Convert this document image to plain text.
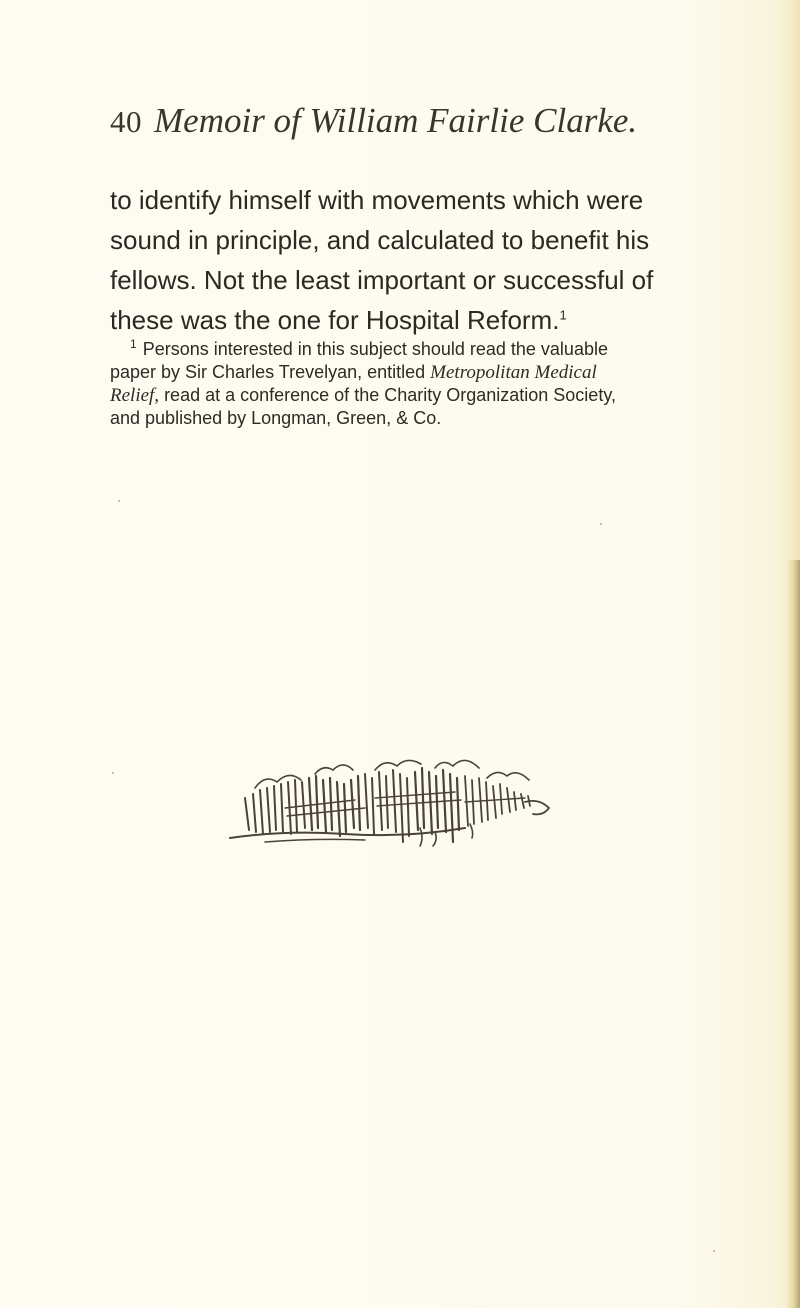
40 Memoir of William Fairlie Clarke.
to identify himself with movements which were
sound in principle, and calculated to benefit his
fellows. Not the least important or successful of
these was the one for Hospital Reform.$^1$
$^1$ Persons interested in this subject should read the valuable
paper by Sir Charles Trevelyan, entitled Metropolitan Medical
Relief, read at a conference of the Charity Organization Society,
and published by Longman, Green, & Co.
